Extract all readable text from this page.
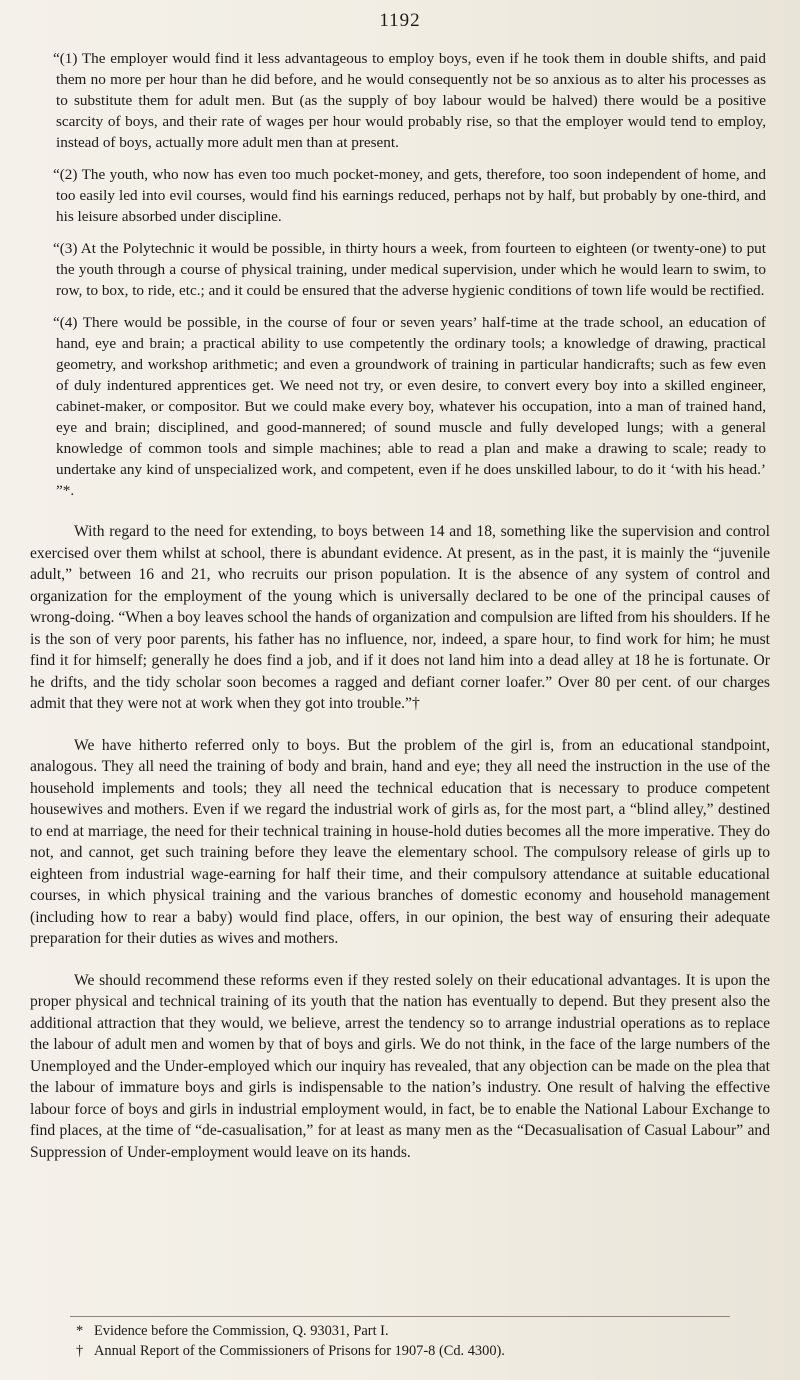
1192

“(1) The employer would find it less advantageous to employ boys, even if he took them in double shifts, and paid them no more per hour than he did before, and he would consequently not be so anxious as to alter his processes as to substitute them for adult men. But (as the supply of boy labour would be halved) there would be a positive scarcity of boys, and their rate of wages per hour would probably rise, so that the employer would tend to employ, instead of boys, actually more adult men than at present.

“(2) The youth, who now has even too much pocket-money, and gets, therefore, too soon independent of home, and too easily led into evil courses, would find his earnings reduced, perhaps not by half, but probably by one-third, and his leisure absorbed under discipline.

“(3) At the Polytechnic it would be possible, in thirty hours a week, from fourteen to eighteen (or twenty-one) to put the youth through a course of physical training, under medical supervision, under which he would learn to swim, to row, to box, to ride, etc.; and it could be ensured that the adverse hygienic conditions of town life would be rectified.

“(4) There would be possible, in the course of four or seven years’ half-time at the trade school, an education of hand, eye and brain; a practical ability to use competently the ordinary tools; a knowledge of drawing, practical geometry, and workshop arithmetic; and even a groundwork of training in particular handicrafts; such as few even of duly indentured apprentices get. We need not try, or even desire, to convert every boy into a skilled engineer, cabinet-maker, or compositor. But we could make every boy, whatever his occupation, into a man of trained hand, eye and brain; disciplined, and good-mannered; of sound muscle and fully developed lungs; with a general knowledge of common tools and simple machines; able to read a plan and make a drawing to scale; ready to undertake any kind of unspecialized work, and competent, even if he does unskilled labour, to do it ‘with his head.’ ”*.

With regard to the need for extending, to boys between 14 and 18, something like the supervision and control exercised over them whilst at school, there is abundant evidence. At present, as in the past, it is mainly the “juvenile adult,” between 16 and 21, who recruits our prison population. It is the absence of any system of control and organization for the employment of the young which is universally declared to be one of the principal causes of wrong-doing. “When a boy leaves school the hands of organization and compulsion are lifted from his shoulders. If he is the son of very poor parents, his father has no influence, nor, indeed, a spare hour, to find work for him; he must find it for himself; generally he does find a job, and if it does not land him into a dead alley at 18 he is fortunate. Or he drifts, and the tidy scholar soon becomes a ragged and defiant corner loafer.” Over 80 per cent. of our charges admit that they were not at work when they got into trouble.”†

We have hitherto referred only to boys. But the problem of the girl is, from an educational standpoint, analogous. They all need the training of body and brain, hand and eye; they all need the instruction in the use of the household implements and tools; they all need the technical education that is necessary to produce competent housewives and mothers. Even if we regard the industrial work of girls as, for the most part, a “blind alley,” destined to end at marriage, the need for their technical training in house-hold duties becomes all the more imperative. They do not, and cannot, get such training before they leave the elementary school. The compulsory release of girls up to eighteen from industrial wage-earning for half their time, and their compulsory attendance at suitable educational courses, in which physical training and the various branches of domestic economy and household management (including how to rear a baby) would find place, offers, in our opinion, the best way of ensuring their adequate preparation for their duties as wives and mothers.

We should recommend these reforms even if they rested solely on their educational advantages. It is upon the proper physical and technical training of its youth that the nation has eventually to depend. But they present also the additional attraction that they would, we believe, arrest the tendency so to arrange industrial operations as to replace the labour of adult men and women by that of boys and girls. We do not think, in the face of the large numbers of the Unemployed and the Under-employed which our inquiry has revealed, that any objection can be made on the plea that the labour of immature boys and girls is indispensable to the nation’s industry. One result of halving the effective labour force of boys and girls in industrial employment would, in fact, be to enable the National Labour Exchange to find places, at the time of “de-casualisation,” for at least as many men as the “Decasualisation of Casual Labour” and Suppression of Under-employment would leave on its hands.

* Evidence before the Commission, Q. 93031, Part I.

† Annual Report of the Commissioners of Prisons for 1907-8 (Cd. 4300).
